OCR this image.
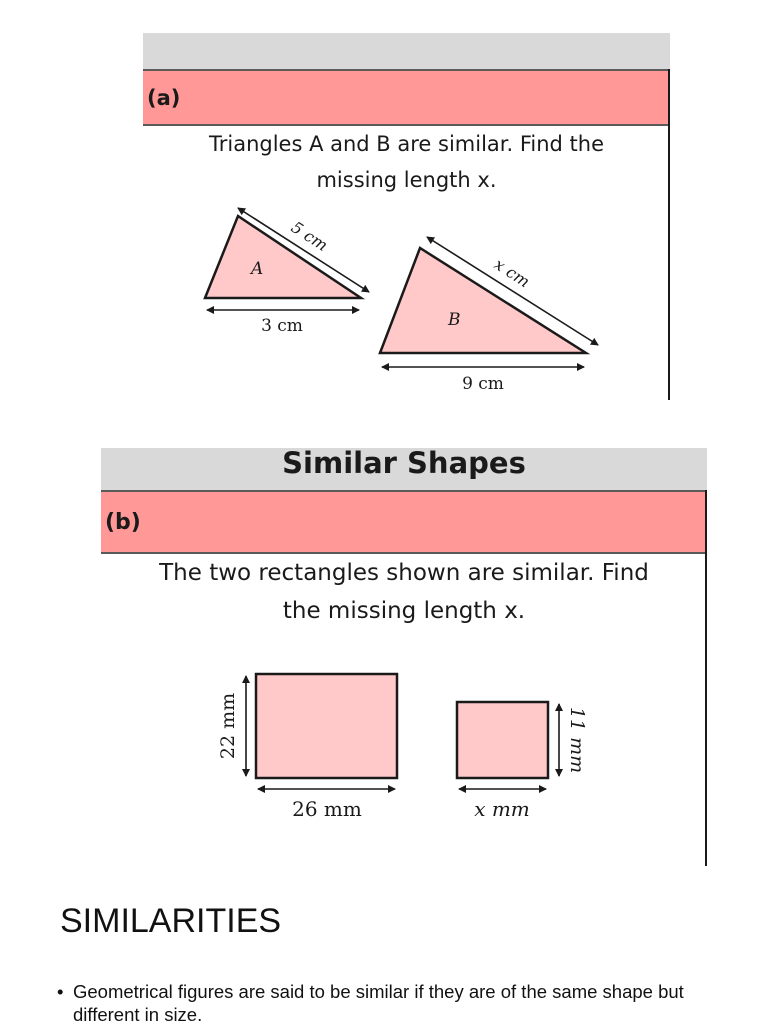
(a)
Triangles A and B are similar. Find the
missing length x.
A
5 cm
3 cm	B
x cm
9 cm
Similar Shapes
(b)
The two rectangles shown are similar. Find
the missing length x.
22 mm
26 mm
11 mm
x mm
SIMILARITIES
• Geometrical figures are said to be similar if they are of the same shape but different in size.
